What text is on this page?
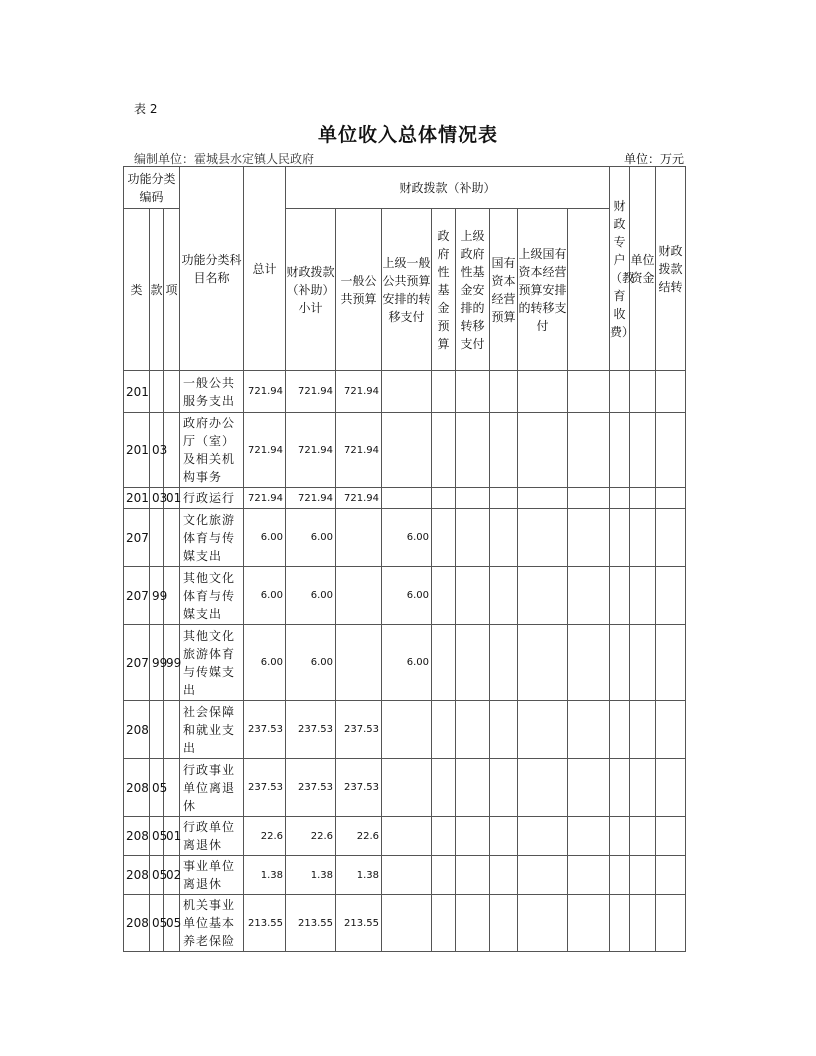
表 2
单位收入总体情况表
编制单位：霍城县水定镇人民政府	单位：万元
功能分类编码			功能分类科目名称	总计	财政拨款（补助）								财政专户（教育收费）	单位资金	财政拨款结转	
类	款	项			财政拨款（补助）小计	一般公共预算	上级一般公共预算安排的转移支付	政府性基金预算	上级政府性基金安排的转移支付	国有资本经营预算	上级国有资本经营预算安排的转移支付					
201			一般公共服务支出	721.94	721.94	721.94										
201	03		政府办公厅（室）及相关机构事务	721.94	721.94	721.94										
201	03	01	行政运行	721.94	721.94	721.94										
207			文化旅游体育与传媒支出	6.00	6.00		6.00									
207	99		其他文化体育与传媒支出	6.00	6.00		6.00									
207	99	99	其他文化旅游体育与传媒支出	6.00	6.00		6.00									
208			社会保障和就业支出	237.53	237.53	237.53										
208	05		行政事业单位离退休	237.53	237.53	237.53										
208	05	01	行政单位离退休	22.6	22.6	22.6										
208	05	02	事业单位离退休	1.38	1.38	1.38										
208	05	05	机关事业单位基本养老保险	213.55	213.55	213.55										
